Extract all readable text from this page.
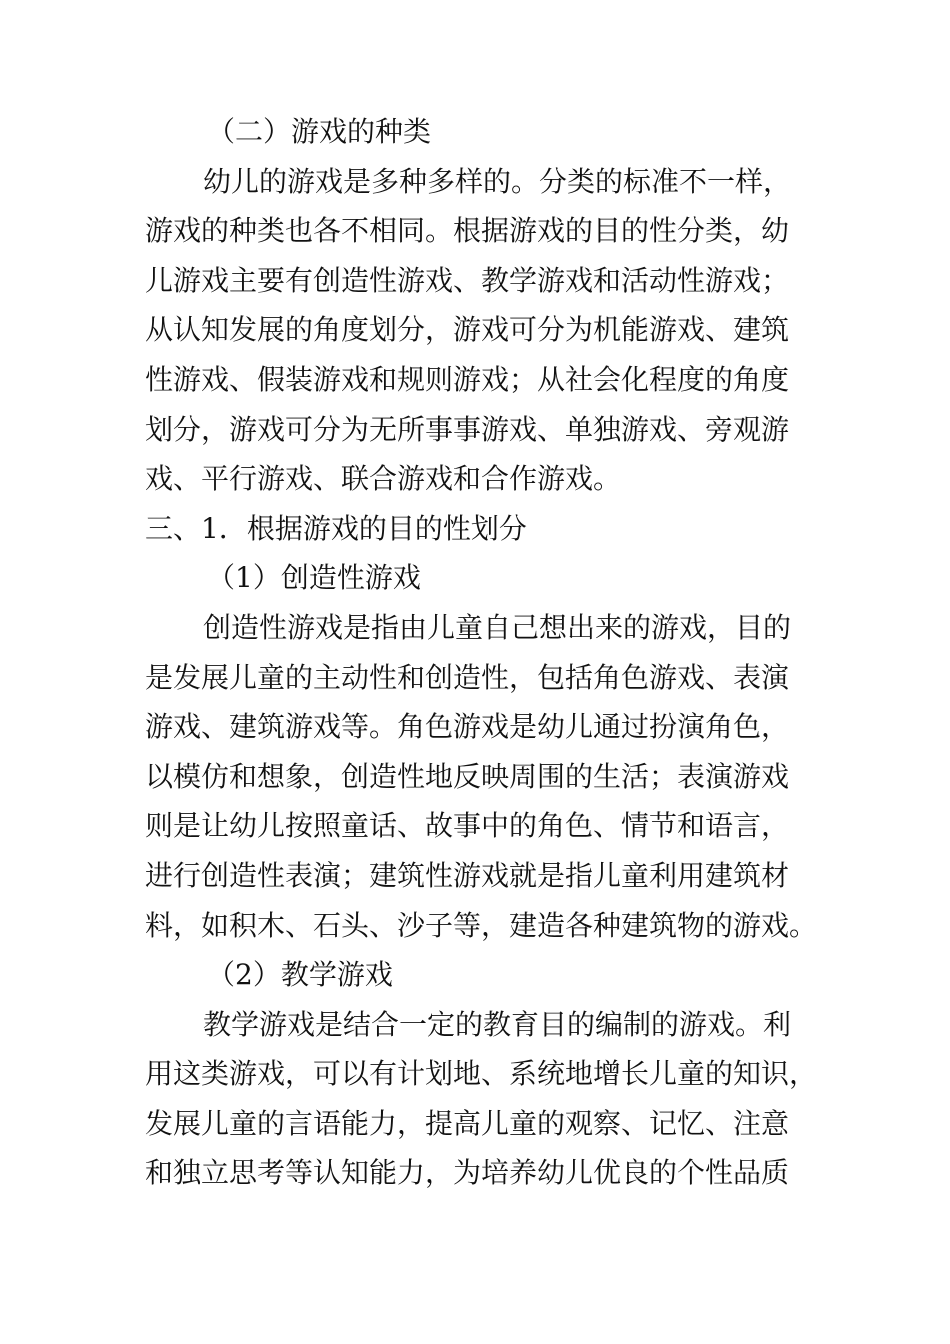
（二）游戏的种类

幼儿的游戏是多种多样的。分类的标准不一样，

游戏的种类也各不相同。根据游戏的目的性分类，幼

儿游戏主要有创造性游戏、教学游戏和活动性游戏；

从认知发展的角度划分，游戏可分为机能游戏、建筑

性游戏、假装游戏和规则游戏；从社会化程度的角度

划分，游戏可分为无所事事游戏、单独游戏、旁观游

戏、平行游戏、联合游戏和合作游戏。

三、1．根据游戏的目的性划分

（1）创造性游戏

创造性游戏是指由儿童自己想出来的游戏，目的

是发展儿童的主动性和创造性，包括角色游戏、表演

游戏、建筑游戏等。角色游戏是幼儿通过扮演角色，

以模仿和想象，创造性地反映周围的生活；表演游戏

则是让幼儿按照童话、故事中的角色、情节和语言，

进行创造性表演；建筑性游戏就是指儿童利用建筑材

料，如积木、石头、沙子等，建造各种建筑物的游戏。

（2）教学游戏

教学游戏是结合一定的教育目的编制的游戏。利

用这类游戏，可以有计划地、系统地增长儿童的知识，

发展儿童的言语能力，提高儿童的观察、记忆、注意

和独立思考等认知能力，为培养幼儿优良的个性品质
